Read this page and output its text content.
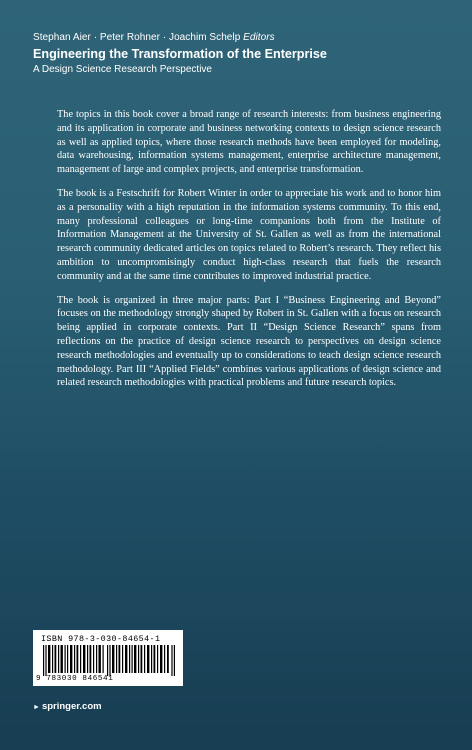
Stephan Aier · Peter Rohner · Joachim Schelp Editors
Engineering the Transformation of the Enterprise
A Design Science Research Perspective

The topics in this book cover a broad range of research interests: from business engineering and its application in corporate and business networking contexts to design science research as well as applied topics, where those research methods have been employed for modeling, data warehousing, information systems management, enterprise architecture management, management of large and complex projects, and enterprise transformation.

The book is a Festschrift for Robert Winter in order to appreciate his work and to honor him as a personality with a high reputation in the information systems community. To this end, many professional colleagues or long-time companions both from the Institute of Information Management at the University of St. Gallen as well as from the international research community dedicated articles on topics related to Robert’s research. They reflect his ambition to uncompromisingly conduct high-class research that fuels the research community and at the same time contributes to improved industrial practice.

The book is organized in three major parts: Part I “Business Engineering and Beyond” focuses on the methodology strongly shaped by Robert in St. Gallen with a focus on research being applied in corporate contexts. Part II “Design Science Research” spans from reflections on the practice of design science research to perspectives on design science research methodologies and eventually up to considerations to teach design science research methodology. Part III “Applied Fields” combines various applications of design science and related research methodologies with practical problems and future research topics.

ISBN 978-3-030-84654-1
9 783030 846541
► springer.com
